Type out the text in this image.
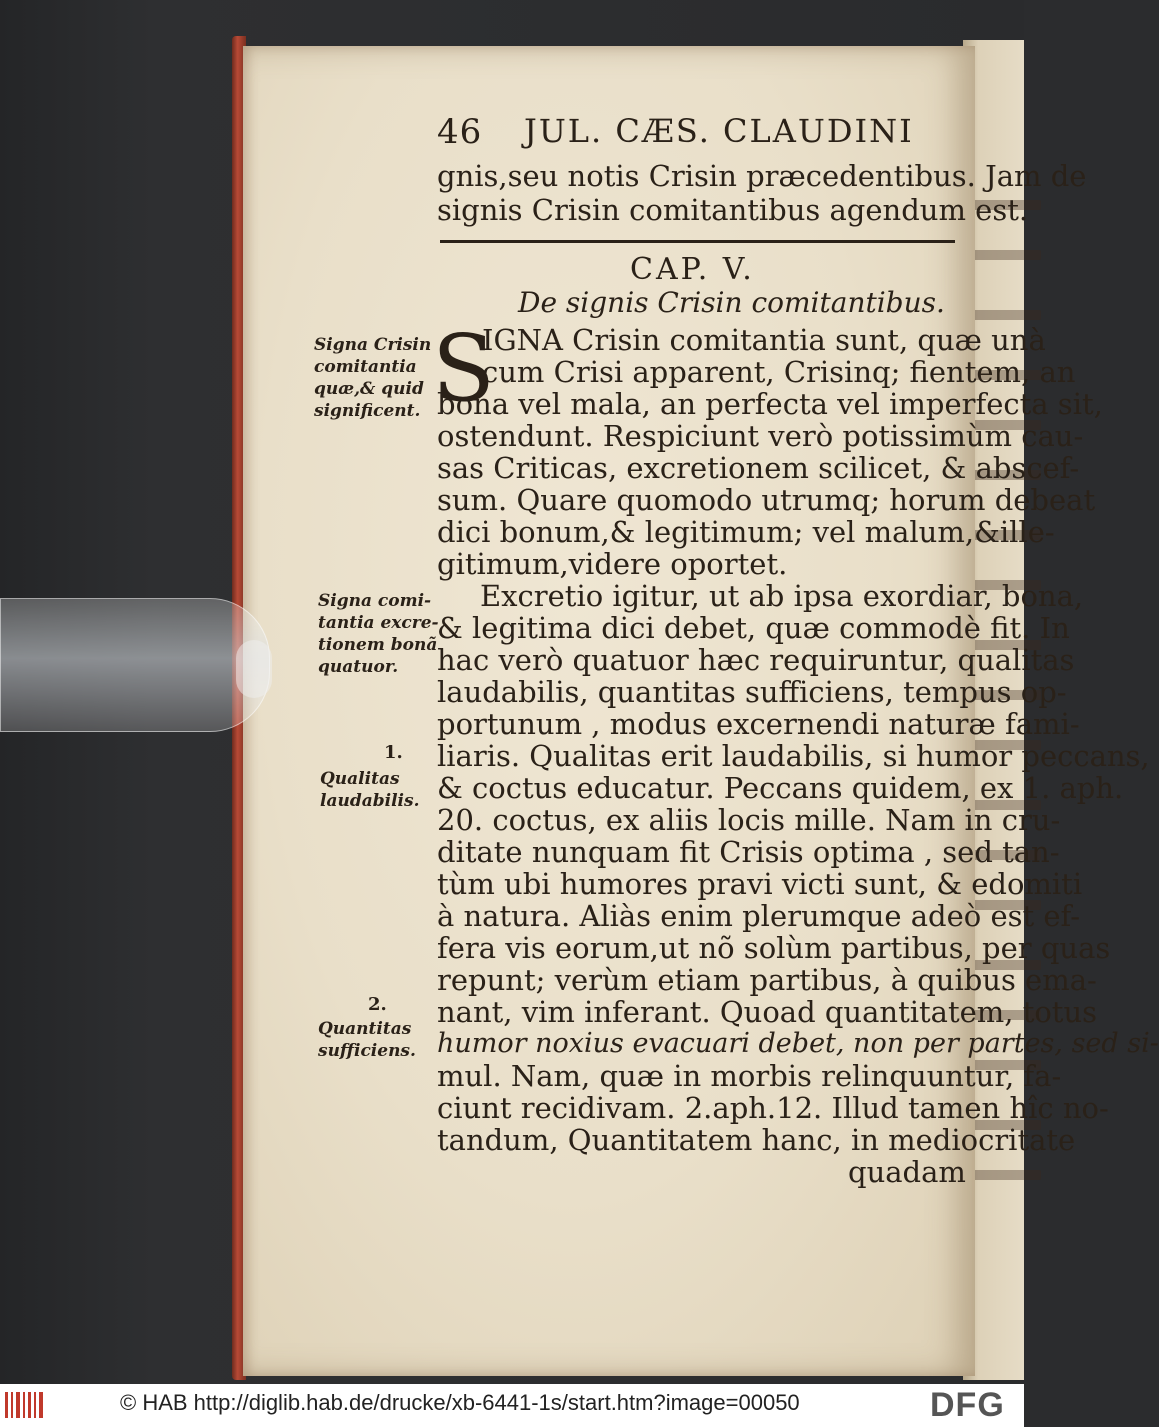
46 JUL. CÆS. CLAUDINI
gnis,seu notis Crisin præcedentibus. Jam de
signis Crisin comitantibus agendum est.
CAP. V.
De signis Crisin comitantibus.
S
IGNA Crisin comitantia sunt, quæ unà
cum Crisi apparent, Crisinq; fientem, an
bona vel mala, an perfecta vel imperfecta sit,
ostendunt. Respiciunt verò potissimùm cau-
sas Criticas, excretionem scilicet, & abscef-
sum. Quare quomodo utrumq; horum debeat
dici bonum,& legitimum; vel malum,&ille-
gitimum,videre oportet.
Excretio igitur, ut ab ipsa exordiar, bona,
& legitima dici debet, quæ commodè fit. In
hac verò quatuor hæc requiruntur, qualitas
laudabilis, quantitas sufficiens, tempus op-
portunum , modus excernendi naturæ fami-
liaris. Qualitas erit laudabilis, si humor peccans,
& coctus educatur. Peccans quidem, ex 1. aph.
20. coctus, ex aliis locis mille. Nam in cru-
ditate nunquam fit Crisis optima , sed tan-
tùm ubi humores pravi victi sunt, & edomiti
à natura. Aliàs enim plerumque adeò est ef-
fera vis eorum,ut nõ solùm partibus, per quas
repunt; verùm etiam partibus, à quibus ema-
nant, vim inferant. Quoad quantitatem, totus
humor noxius evacuari debet, non per partes, sed si-
mul. Nam, quæ in morbis relinquuntur, fa-
ciunt recidivam. 2.aph.12. Illud tamen hîc no-
tandum, Quantitatem hanc, in mediocritate
quadam
Signa Crisin
comitantia
quæ,& quid
significent.
Signa comi-
tantia excre-
tionem bonã
quatuor.
1.
Qualitas
laudabilis.
2.
Quantitas
sufficiens.
© HAB http://diglib.hab.de/drucke/xb-6441-1s/start.htm?image=00050	DFG
